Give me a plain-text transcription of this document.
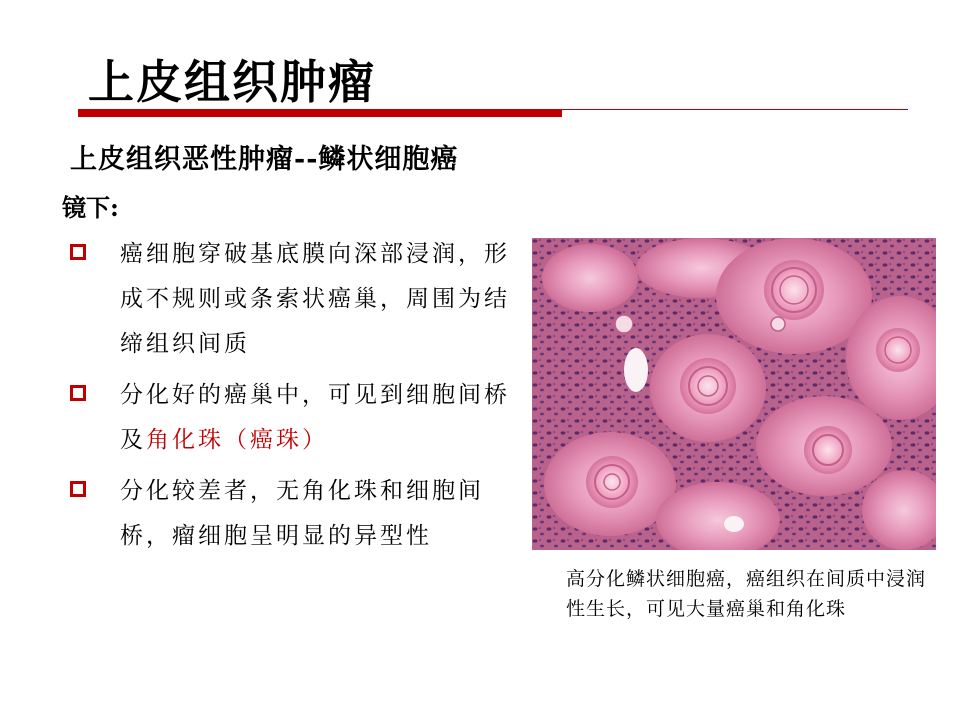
上皮组织肿瘤
上皮组织恶性肿瘤--鳞状细胞癌
镜下:
癌细胞穿破基底膜向深部浸润，形成不规则或条索状癌巢，周围为结缔组织间质
分化好的癌巢中，可见到细胞间桥及角化珠（癌珠）
分化较差者，无角化珠和细胞间桥，瘤细胞呈明显的异型性
高分化鳞状细胞癌，癌组织在间质中浸润性生长，可见大量癌巢和角化珠
